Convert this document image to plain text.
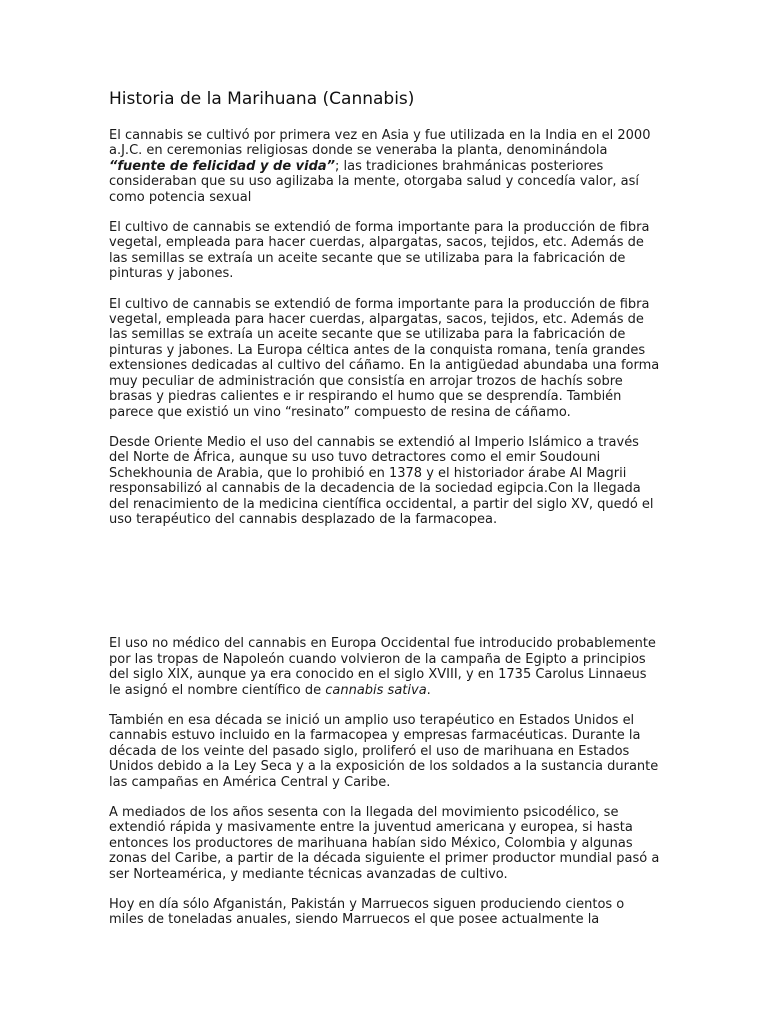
Historia de la Marihuana (Cannabis)

El cannabis se cultivó por primera vez en Asia y fue utilizada en la India en el 2000 a.J.C. en ceremonias religiosas donde se veneraba la planta, denominándola “fuente de felicidad y de vida”; las tradiciones brahmánicas posteriores consideraban que su uso agilizaba la mente, otorgaba salud y concedía valor, así como potencia sexual

El cultivo de cannabis se extendió de forma importante para la producción de fibra vegetal, empleada para hacer cuerdas, alpargatas, sacos, tejidos, etc. Además de las semillas se extraía un aceite secante que se utilizaba para la fabricación de pinturas y jabones.

El cultivo de cannabis se extendió de forma importante para la producción de fibra vegetal, empleada para hacer cuerdas, alpargatas, sacos, tejidos, etc. Además de las semillas se extraía un aceite secante que se utilizaba para la fabricación de pinturas y jabones. La Europa céltica antes de la conquista romana, tenía grandes extensiones dedicadas al cultivo del cáñamo. En la antigüedad abundaba una forma muy peculiar de administración que consistía en arrojar trozos de hachís sobre brasas y piedras calientes e ir respirando el humo que se desprendía. También parece que existió un vino “resinato” compuesto de resina de cáñamo.

Desde Oriente Medio el uso del cannabis se extendió al Imperio Islámico a través del Norte de África, aunque su uso tuvo detractores como el emir Soudouni Schekhounia de Arabia, que lo prohibió en 1378 y el historiador árabe Al Magrii responsabilizó al cannabis de la decadencia de la sociedad egipcia.Con la llegada del renacimiento de la medicina científica occidental, a partir del siglo XV, quedó el uso terapéutico del cannabis desplazado de la farmacopea.

El uso no médico del cannabis en Europa Occidental fue introducido probablemente por las tropas de Napoleón cuando volvieron de la campaña de Egipto a principios del siglo XIX, aunque ya era conocido en el siglo XVIII, y en 1735 Carolus Linnaeus le asignó el nombre científico de cannabis sativa.

También en esa década se inició un amplio uso terapéutico en Estados Unidos el cannabis estuvo incluido en la farmacopea y empresas farmacéuticas. Durante la década de los veinte del pasado siglo, proliferó el uso de marihuana en Estados Unidos debido a la Ley Seca y a la exposición de los soldados a la sustancia durante las campañas en América Central y Caribe.

A mediados de los años sesenta con la llegada del movimiento psicodélico, se extendió rápida y masivamente entre la juventud americana y europea, si hasta entonces los productores de marihuana habían sido México, Colombia y algunas zonas del Caribe, a partir de la década siguiente el primer productor mundial pasó a ser Norteamérica, y mediante técnicas avanzadas de cultivo.

Hoy en día sólo Afganistán, Pakistán y Marruecos siguen produciendo cientos o miles de toneladas anuales, siendo Marruecos el que posee actualmente la
